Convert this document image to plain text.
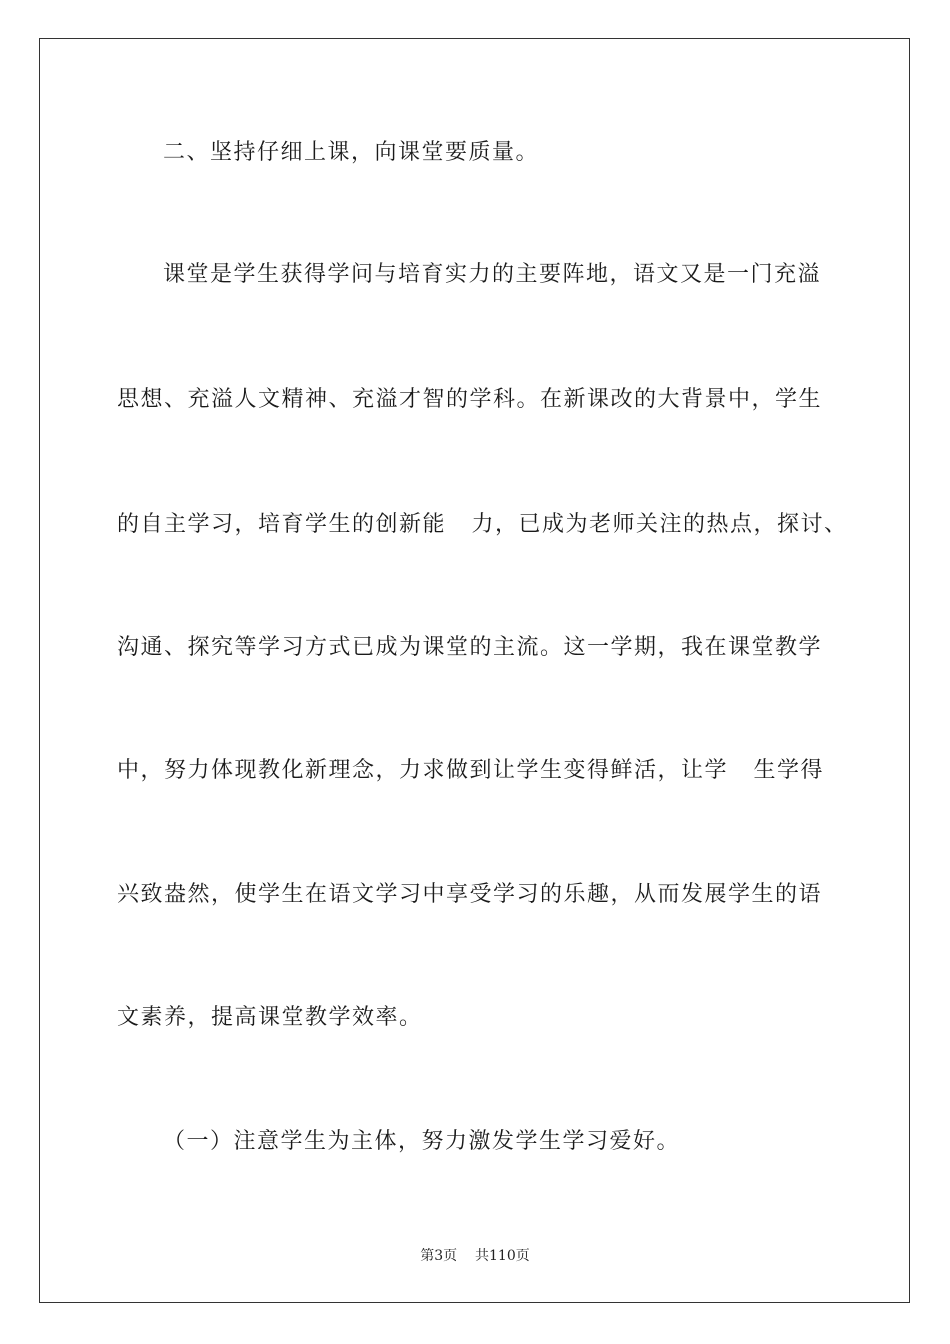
二、坚持仔细上课，向课堂要质量。
课堂是学生获得学问与培育实力的主要阵地，语文又是一门充溢
思想、充溢人文精神、充溢才智的学科。在新课改的大背景中，学生
的自主学习，培育学生的创新能   力，已成为老师关注的热点，探讨、
沟通、探究等学习方式已成为课堂的主流。这一学期，我在课堂教学
中，努力体现教化新理念，力求做到让学生变得鲜活，让学   生学得
兴致盎然，使学生在语文学习中享受学习的乐趣，从而发展学生的语
文素养，提高课堂教学效率。
（一）注意学生为主体，努力激发学生学习爱好。
第3页 共110页
